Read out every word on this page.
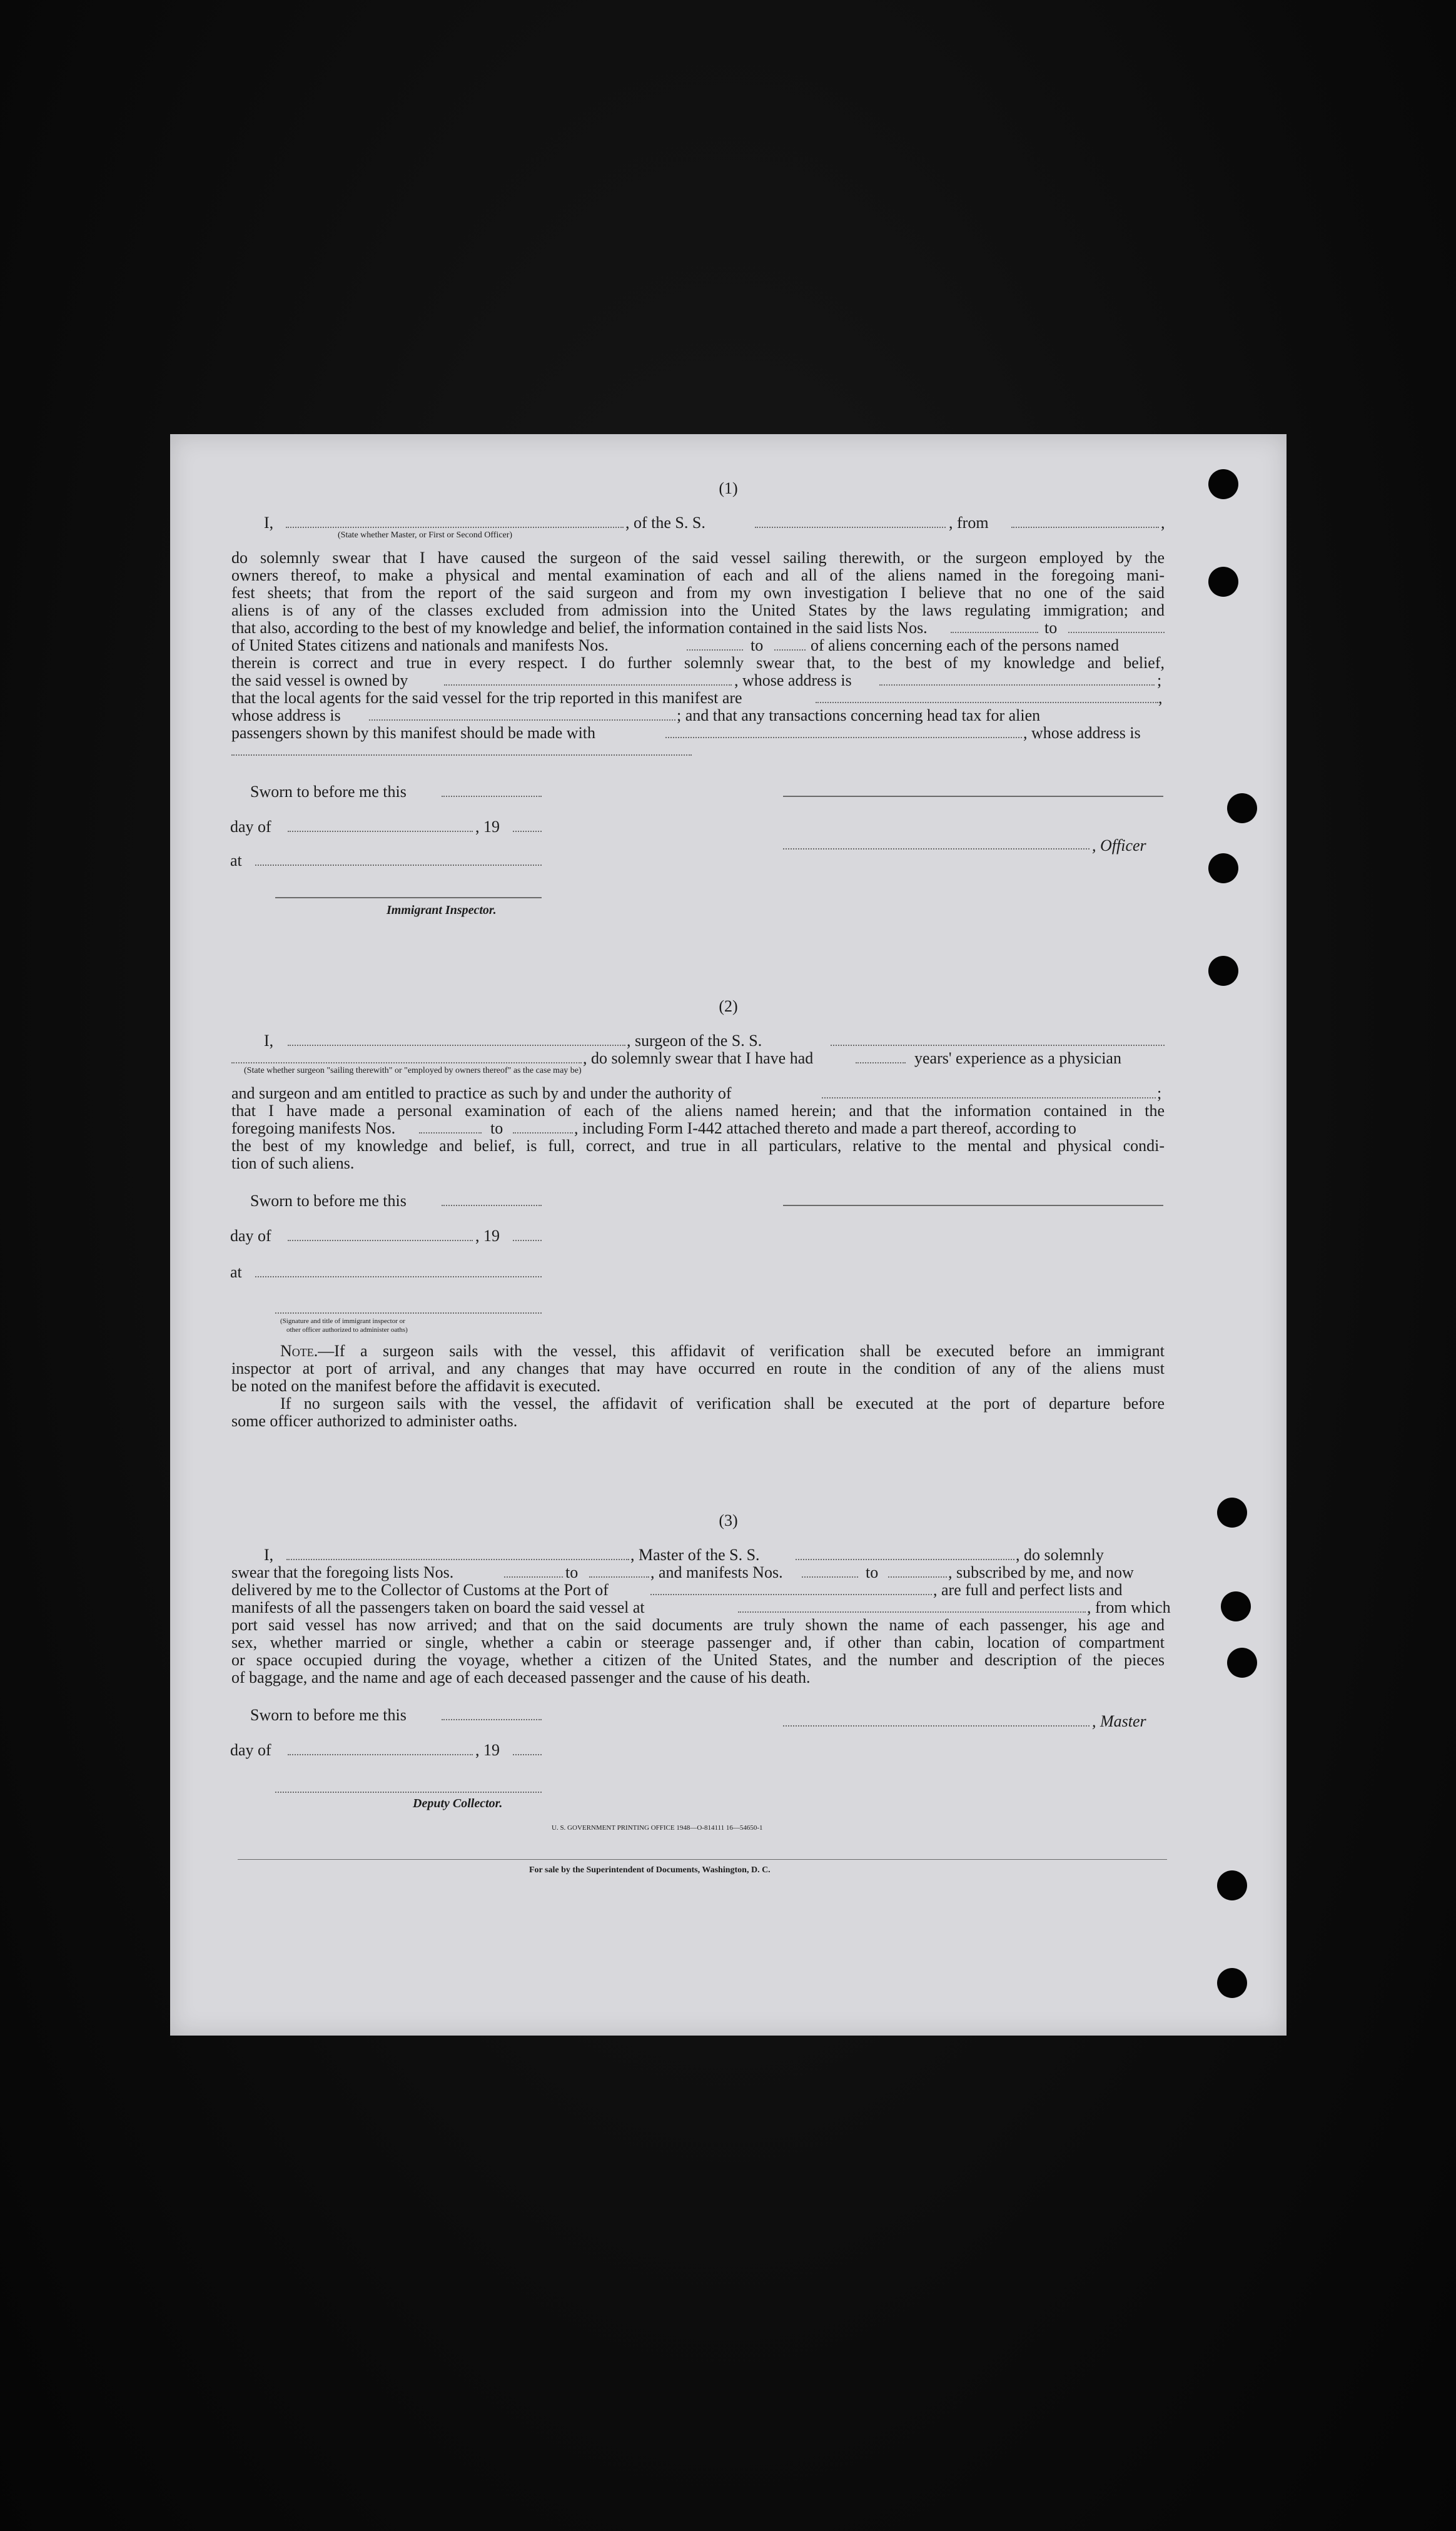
(1)
I,	, of the S. S.	, from	,
(State whether Master, or First or Second Officer)
do solemnly swear that I have caused the surgeon of the said vessel sailing therewith, or the surgeon employed by the
owners thereof, to make a physical and mental examination of each and all of the aliens named in the foregoing mani-
fest sheets; that from the report of the said surgeon and from my own investigation I believe that no one of the said
aliens is of any of the classes excluded from admission into the United States by the laws regulating immigration; and
that also, according to the best of my knowledge and belief, the information contained in the said lists Nos.	to
of United States citizens and nationals and manifests Nos.	to	of aliens concerning each of the persons named
therein is correct and true in every respect. I do further solemnly swear that, to the best of my knowledge and belief,
the said vessel is owned by	, whose address is	;
that the local agents for the said vessel for the trip reported in this manifest are	,
whose address is	; and that any transactions concerning head tax for alien
passengers shown by this manifest should be made with	, whose address is
Sworn to before me this
day of	, 19
, Officer
at
Immigrant Inspector.
(2)
I,	, surgeon of the S. S.
, do solemnly swear that I have had	years' experience as a physician
(State whether surgeon "sailing therewith" or "employed by owners thereof" as the case may be)
and surgeon and am entitled to practice as such by and under the authority of	;
that I have made a personal examination of each of the aliens named herein; and that the information contained in the
foregoing manifests Nos.	to	, including Form I-442 attached thereto and made a part thereof, according to
the best of my knowledge and belief, is full, correct, and true in all particulars, relative to the mental and physical condi-
tion of such aliens.
Sworn to before me this
day of	, 19
at
(Signature and title of immigrant inspector or
other officer authorized to administer oaths)
Note.—If a surgeon sails with the vessel, this affidavit of verification shall be executed before an immigrant
inspector at port of arrival, and any changes that may have occurred en route in the condition of any of the aliens must
be noted on the manifest before the affidavit is executed.
If no surgeon sails with the vessel, the affidavit of verification shall be executed at the port of departure before
some officer authorized to administer oaths.
(3)
I,	, Master of the S. S.	, do solemnly
swear that the foregoing lists Nos.	to	, and manifests Nos.	to	, subscribed by me, and now
delivered by me to the Collector of Customs at the Port of	, are full and perfect lists and
manifests of all the passengers taken on board the said vessel at	, from which
port said vessel has now arrived; and that on the said documents are truly shown the name of each passenger, his age and
sex, whether married or single, whether a cabin or steerage passenger and, if other than cabin, location of compartment
or space occupied during the voyage, whether a citizen of the United States, and the number and description of the pieces
of baggage, and the name and age of each deceased passenger and the cause of his death.
Sworn to before me this	, Master
day of	, 19
Deputy Collector.
U. S. GOVERNMENT PRINTING OFFICE 1948—O-814111 16—54650-1
For sale by the Superintendent of Documents, Washington, D. C.
